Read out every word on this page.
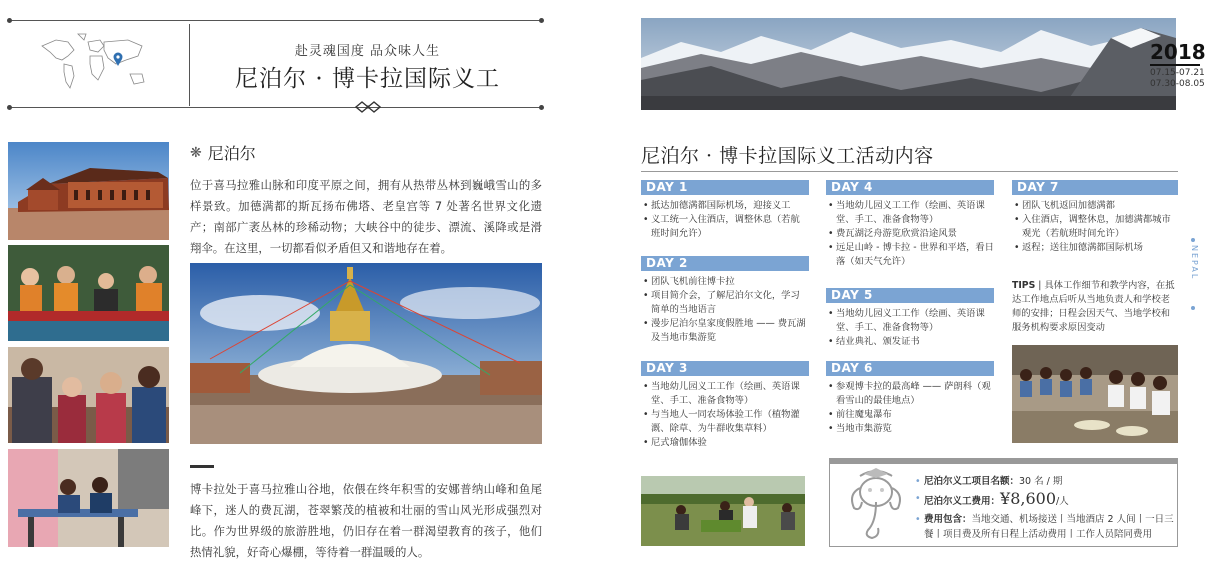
赴灵魂国度 品众味人生
尼泊尔 · 博卡拉国际义工
❋ 尼泊尔
位于喜马拉雅山脉和印度平原之间，拥有从热带丛林到巍峨雪山的多样景致。加德满都的斯瓦扬布佛塔、老皇宫等 7 处著名世界文化遗产；南部广袤丛林的珍稀动物；大峡谷中的徒步、漂流、溪降或是滑翔伞。在这里，一切都看似矛盾但又和谐地存在着。
博卡拉处于喜马拉雅山谷地，依偎在终年积雪的安娜普纳山峰和鱼尾峰下，迷人的费瓦湖，苍翠繁茂的植被和壮丽的雪山风光形成强烈对比。作为世界级的旅游胜地，仍旧存在着一群渴望教育的孩子，他们热情礼貌，好奇心爆棚，等待着一群温暖的人。
2018
07.15-07.21
07.30-08.05
尼泊尔 · 博卡拉国际义工活动内容
DAY 1
• 抵达加德满都国际机场，迎接义工
• 义工统一入住酒店，调整休息（若航班时间允许）
DAY 2
• 团队飞机前往博卡拉
• 项目简介会，了解尼泊尔文化，学习简单的当地语言
• 漫步尼泊尔皇家度假胜地 —— 费瓦湖及当地市集游览
DAY 3
• 当地幼儿园义工工作（绘画、英语课堂、手工、准备食物等）
• 与当地人一同农场体验工作（植物灌溉、除草、为牛群收集草料）
• 尼式瑜伽体验
DAY 4
• 当地幼儿园义工工作（绘画、英语课堂、手工、准备食物等）
• 费瓦湖泛舟游览欣赏沿途风景
• 远足山岭 - 博卡拉 - 世界和平塔，看日落（如天气允许）
DAY 5
• 当地幼儿园义工工作（绘画、英语课堂、手工、准备食物等）
• 结业典礼、颁发证书
DAY 6
• 参观博卡拉的最高峰 —— 萨朗科（观看雪山的最佳地点）
• 前往魔鬼瀑布
• 当地市集游览
DAY 7
• 团队飞机返回加德满都
• 入住酒店，调整休息，加德满都城市观光（若航班时间允许）
• 返程；送往加德满都国际机场
TIPS | 具体工作细节和教学内容，在抵达工作地点后听从当地负责人和学校老师的安排；日程会因天气、当地学校和服务机构要求原因变动
NEPAL
• 尼泊尔义工项目名额：30 名 / 期
• 尼泊尔义工费用：¥8,600/人
• 费用包含：当地交通、机场接送丨当地酒店 2 人间丨一日三餐丨项目费及所有日程上活动费用丨工作人员陪同费用
